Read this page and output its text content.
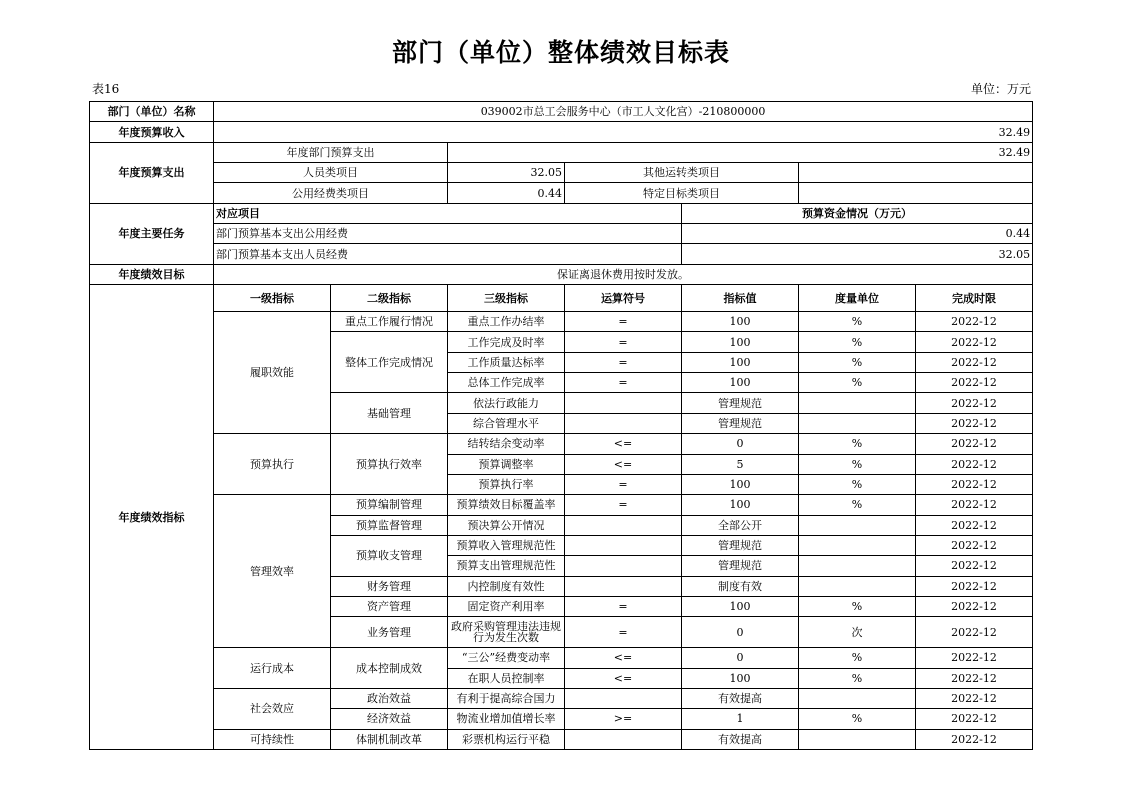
部门（单位）整体绩效目标表
表16	单位：万元
部门（单位）名称	039002市总工会服务中心（市工人文化宫）-210800000						
年度预算收入	32.49						
年度预算支出	年度部门预算支出		32.49				
	人员类项目		32.05	其他运转类项目			
	公用经费类项目		0.44	特定目标类项目			
年度主要任务	对应项目				预算资金情况（万元）		
	部门预算基本支出公用经费				0.44		
	部门预算基本支出人员经费				32.05		
年度绩效目标	保证离退休费用按时发放。						
年度绩效指标	一级指标	二级指标	三级指标	运算符号	指标值	度量单位	完成时限
	履职效能	重点工作履行情况	重点工作办结率	=	100	%	2022-12
		整体工作完成情况	工作完成及时率	=	100	%	2022-12
			工作质量达标率	=	100	%	2022-12
			总体工作完成率	=	100	%	2022-12
		基础管理	依法行政能力		管理规范		2022-12
			综合管理水平		管理规范		2022-12
	预算执行	预算执行效率	结转结余变动率	<=	0	%	2022-12
			预算调整率	<=	5	%	2022-12
			预算执行率	=	100	%	2022-12
	管理效率	预算编制管理	预算绩效目标覆盖率	=	100	%	2022-12
		预算监督管理	预决算公开情况		全部公开		2022-12
		预算收支管理	预算收入管理规范性		管理规范		2022-12
			预算支出管理规范性		管理规范		2022-12
		财务管理	内控制度有效性		制度有效		2022-12
		资产管理	固定资产利用率	=	100	%	2022-12
		业务管理	政府采购管理违法违规行为发生次数	=	0	次	2022-12
	运行成本	成本控制成效	“三公”经费变动率	<=	0	%	2022-12
			在职人员控制率	<=	100	%	2022-12
	社会效应	政治效益	有利于提高综合国力		有效提高		2022-12
		经济效益	物流业增加值增长率	>=	1	%	2022-12
	可持续性	体制机制改革	彩票机构运行平稳		有效提高		2022-12
